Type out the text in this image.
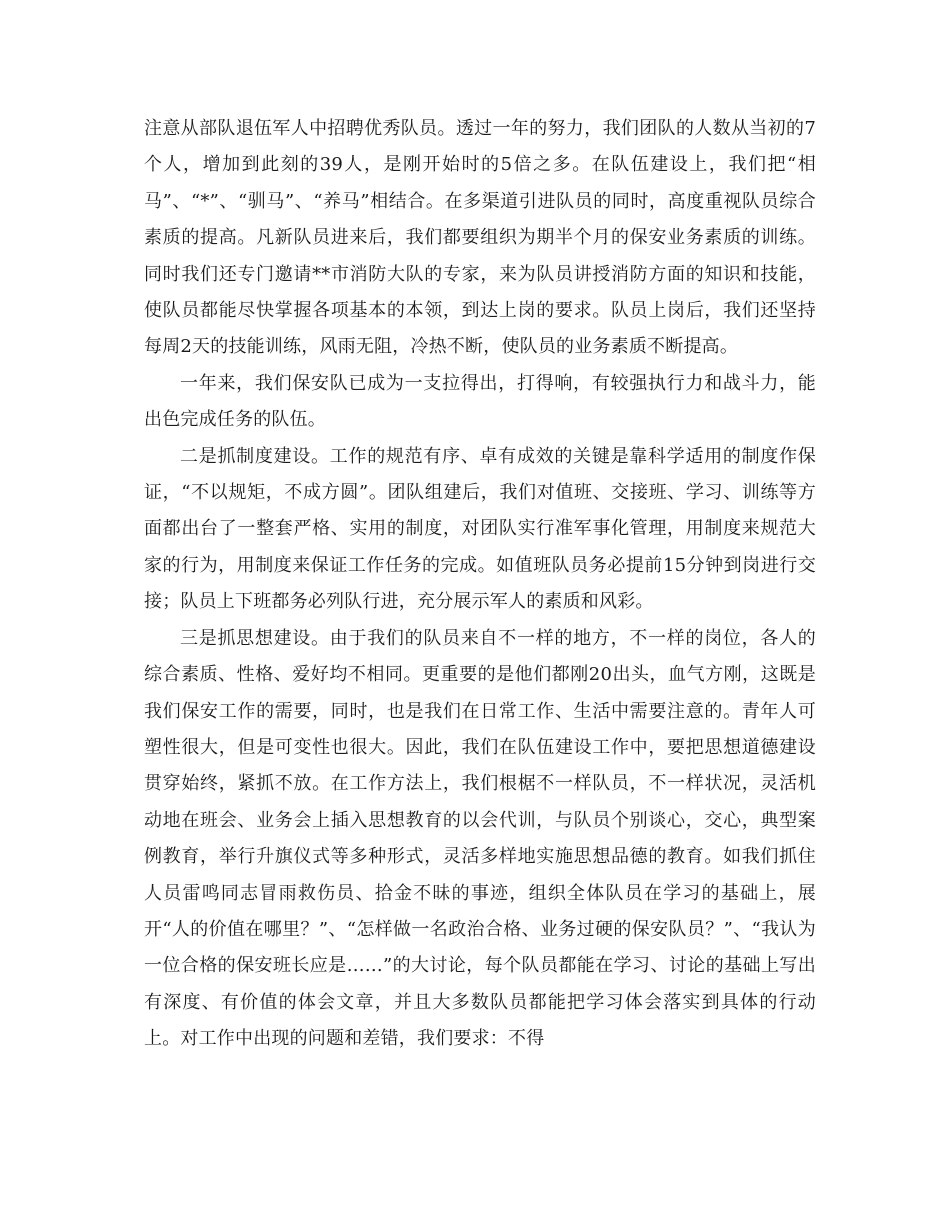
注意从部队退伍军人中招聘优秀队员。透过一年的努力，我们团队的人数从当初的7个人，增加到此刻的39人，是刚开始时的5倍之多。在队伍建设上，我们把“相马”、“*”、“驯马”、“养马”相结合。在多渠道引进队员的同时，高度重视队员综合素质的提高。凡新队员进来后，我们都要组织为期半个月的保安业务素质的训练。同时我们还专门邀请**市消防大队的专家，来为队员讲授消防方面的知识和技能，使队员都能尽快掌握各项基本的本领，到达上岗的要求。队员上岗后，我们还坚持每周2天的技能训练，风雨无阻，冷热不断，使队员的业务素质不断提高。

一年来，我们保安队已成为一支拉得出，打得响，有较强执行力和战斗力，能出色完成任务的队伍。

二是抓制度建设。工作的规范有序、卓有成效的关键是靠科学适用的制度作保证，“不以规矩，不成方圆”。团队组建后，我们对值班、交接班、学习、训练等方面都出台了一整套严格、实用的制度，对团队实行准军事化管理，用制度来规范大家的行为，用制度来保证工作任务的完成。如值班队员务必提前15分钟到岗进行交接；队员上下班都务必列队行进，充分展示军人的素质和风彩。

三是抓思想建设。由于我们的队员来自不一样的地方，不一样的岗位，各人的综合素质、性格、爱好均不相同。更重要的是他们都刚20出头，血气方刚，这既是我们保安工作的需要，同时，也是我们在日常工作、生活中需要注意的。青年人可塑性很大，但是可变性也很大。因此，我们在队伍建设工作中，要把思想道德建设贯穿始终，紧抓不放。在工作方法上，我们根椐不一样队员，不一样状况，灵活机动地在班会、业务会上插入思想教育的以会代训，与队员个别谈心，交心，典型案例教育，举行升旗仪式等多种形式，灵活多样地实施思想品德的教育。如我们抓住人员雷鸣同志冒雨救伤员、拾金不昧的事迹，组织全体队员在学习的基础上，展开“人的价值在哪里？”、“怎样做一名政治合格、业务过硬的保安队员？”、“我认为一位合格的保安班长应是……”的大讨论，每个队员都能在学习、讨论的基础上写出有深度、有价值的体会文章，并且大多数队员都能把学习体会落实到具体的行动上。对工作中出现的问题和差错，我们要求：不得
